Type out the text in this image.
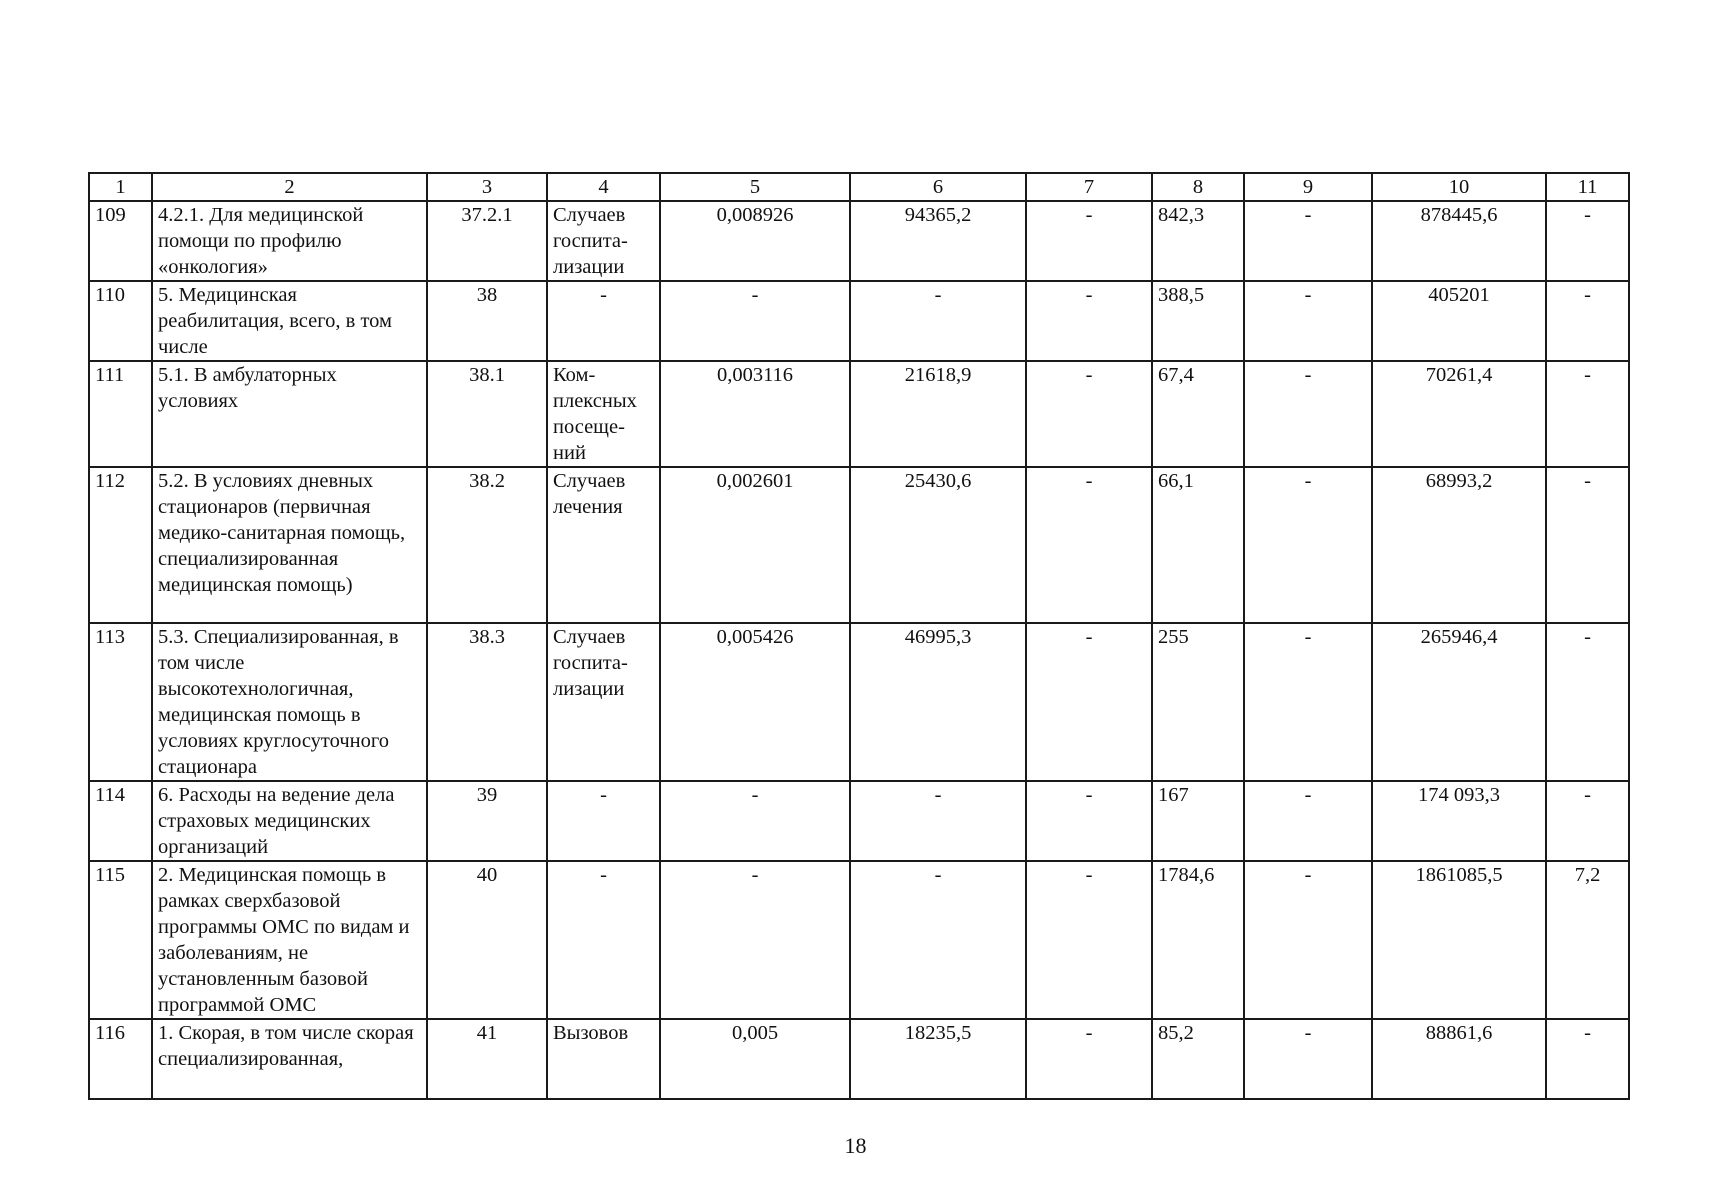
1	2	3	4	5	6	7	8	9	10	11
109	4.2.1. Для медицинской помощи по профилю «онкология»	37.2.1	Случаев госпита-лизации	0,008926	94365,2	-	842,3	-	878445,6	-
110	5. Медицинская реабилитация, всего, в том числе	38	-	-	-	-	388,5	-	405201	-
111	5.1. В амбулаторных условиях	38.1	Ком-плексных посеще-ний	0,003116	21618,9	-	67,4	-	70261,4	-
112	5.2. В условиях дневных стационаров (первичная медико-санитарная помощь, специализированная медицинская помощь)	38.2	Случаев лечения	0,002601	25430,6	-	66,1	-	68993,2	-
113	5.3. Специализированная, в том числе высокотехнологичная, медицинская помощь в условиях круглосуточного стационара	38.3	Случаев госпита-лизации	0,005426	46995,3	-	255	-	265946,4	-
114	6. Расходы на ведение дела страховых медицинских организаций	39	-	-	-	-	167	-	174 093,3	-
115	2. Медицинская помощь в рамках сверхбазовой программы ОМС по видам и заболеваниям, не установленным базовой программой ОМС	40	-	-	-	-	1784,6	-	1861085,5	7,2
116	1. Скорая, в том числе скорая специализированная,	41	Вызовов	0,005	18235,5	-	85,2	-	88861,6	-
18
